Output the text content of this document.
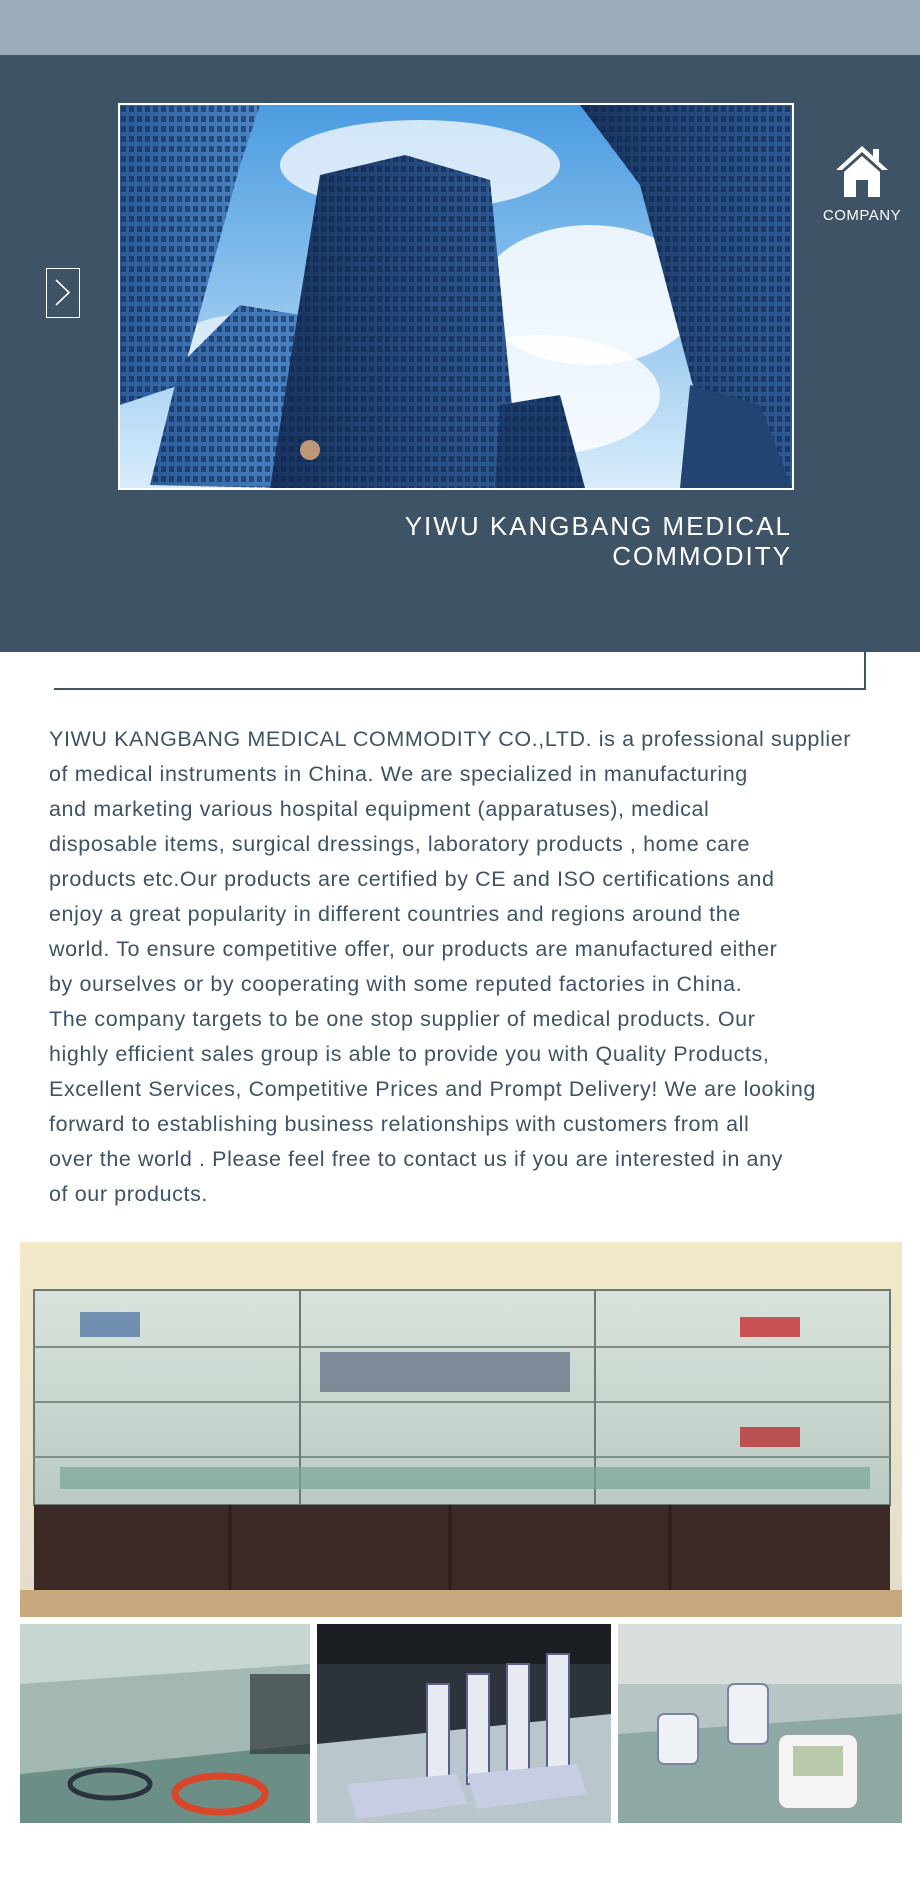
COMPANY
YIWU KANGBANG MEDICAL
COMMODITY

YIWU KANGBANG MEDICAL COMMODITY CO.,LTD. is a professional supplier
of medical instruments in China. We are specialized in manufacturing
and marketing various hospital equipment (apparatuses), medical
disposable items, surgical dressings, laboratory products , home care
products etc.Our products are certified by CE and ISO certifications and
enjoy a great popularity in different countries and regions around the
world. To ensure competitive offer, our products are manufactured either
by ourselves or by cooperating with some reputed factories in China.
The company targets to be one stop supplier of medical products. Our
highly efficient sales group is able to provide you with Quality Products,
Excellent Services, Competitive Prices and Prompt Delivery! We are looking
forward to establishing business relationships with customers from all
over the world . Please feel free to contact us if you are interested in any
of our products.
